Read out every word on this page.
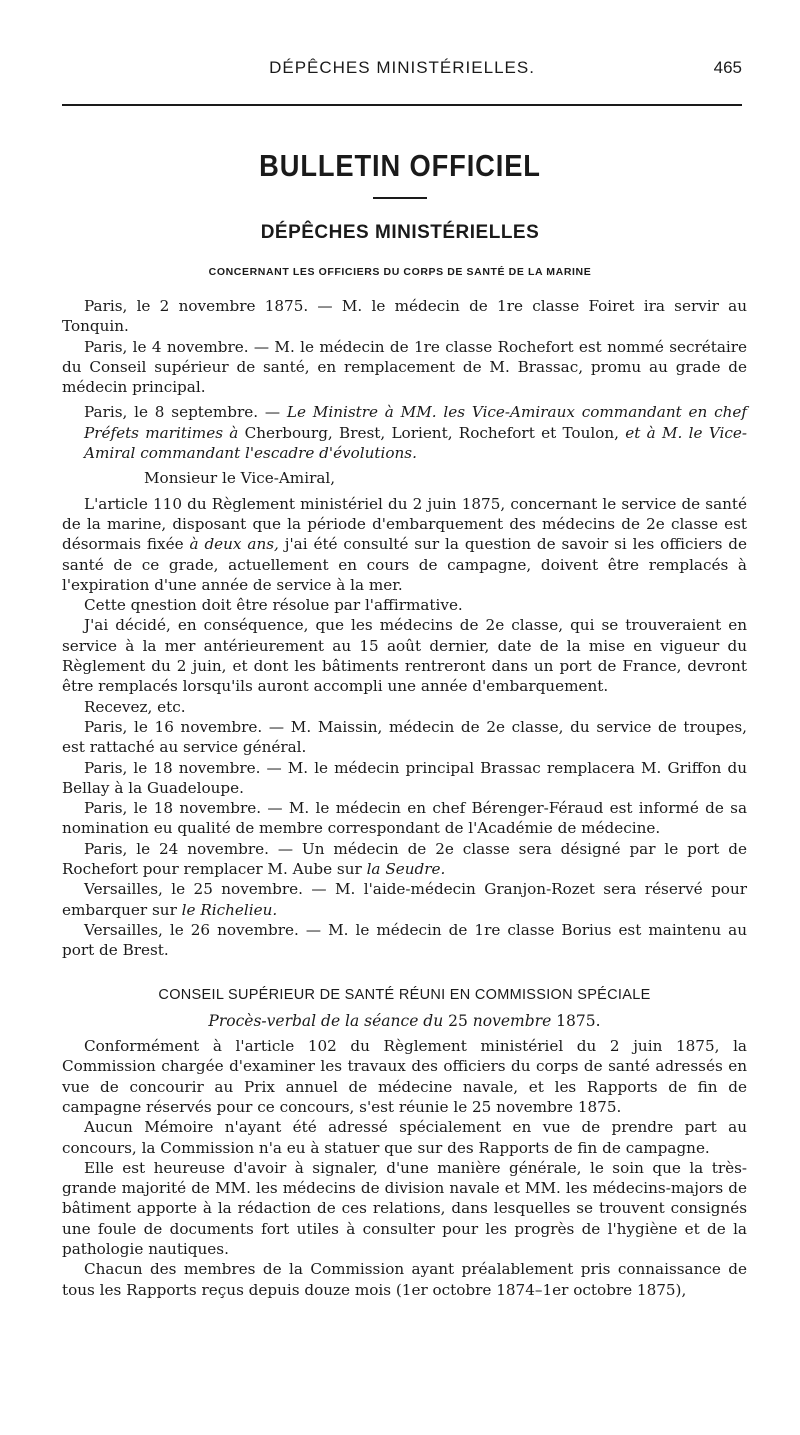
DÉPÊCHES MINISTÉRIELLES.	465
BULLETIN OFFICIEL
DÉPÊCHES MINISTÉRIELLES
CONCERNANT LES OFFICIERS DU CORPS DE SANTÉ DE LA MARINE

Paris, le 2 novembre 1875. — M. le médecin de 1re classe Foiret ira servir au Tonquin.

Paris, le 4 novembre. — M. le médecin de 1re classe Rochefort est nommé secrétaire du Conseil supérieur de santé, en remplacement de M. Brassac, promu au grade de médecin principal.

Paris, le 8 septembre. — Le Ministre à MM. les Vice-Amiraux commandant en chef Préfets maritimes à Cherbourg, Brest, Lorient, Rochefort et Toulon, et à M. le Vice-Amiral commandant l'escadre d'évolutions.

Monsieur le Vice-Amiral,

L'article 110 du Règlement ministériel du 2 juin 1875, concernant le service de santé de la marine, disposant que la période d'embarquement des médecins de 2e classe est désormais fixée à deux ans, j'ai été consulté sur la question de savoir si les officiers de santé de ce grade, actuellement en cours de campagne, doivent être remplacés à l'expiration d'une année de service à la mer.

Cette qnestion doit être résolue par l'affirmative.

J'ai décidé, en conséquence, que les médecins de 2e classe, qui se trouveraient en service à la mer antérieurement au 15 août dernier, date de la mise en vigueur du Règlement du 2 juin, et dont les bâtiments rentreront dans un port de France, devront être remplacés lorsqu'ils auront accompli une année d'embarquement.

Recevez, etc.

Paris, le 16 novembre. — M. Maissin, médecin de 2e classe, du service de troupes, est rattaché au service général.

Paris, le 18 novembre. — M. le médecin principal Brassac remplacera M. Griffon du Bellay à la Guadeloupe.

Paris, le 18 novembre. — M. le médecin en chef Bérenger-Féraud est informé de sa nomination eu qualité de membre correspondant de l'Académie de médecine.

Paris, le 24 novembre. — Un médecin de 2e classe sera désigné par le port de Rochefort pour remplacer M. Aube sur la Seudre.

Versailles, le 25 novembre. — M. l'aide-médecin Granjon-Rozet sera réservé pour embarquer sur le Richelieu.

Versailles, le 26 novembre. — M. le médecin de 1re classe Borius est maintenu au port de Brest.

CONSEIL SUPÉRIEUR DE SANTÉ RÉUNI EN COMMISSION SPÉCIALE
Procès-verbal de la séance du 25 novembre 1875.

Conformément à l'article 102 du Règlement ministériel du 2 juin 1875, la Commission chargée d'examiner les travaux des officiers du corps de santé adressés en vue de concourir au Prix annuel de médecine navale, et les Rapports de fin de campagne réservés pour ce concours, s'est réunie le 25 novembre 1875.

Aucun Mémoire n'ayant été adressé spécialement en vue de prendre part au concours, la Commission n'a eu à statuer que sur des Rapports de fin de campagne.

Elle est heureuse d'avoir à signaler, d'une manière générale, le soin que la très-grande majorité de MM. les médecins de division navale et MM. les médecins-majors de bâtiment apporte à la rédaction de ces relations, dans lesquelles se trouvent consignés une foule de documents fort utiles à consulter pour les progrès de l'hygiène et de la pathologie nautiques.

Chacun des membres de la Commission ayant préalablement pris connaissance de tous les Rapports reçus depuis douze mois (1er octobre 1874–1er octobre 1875),
